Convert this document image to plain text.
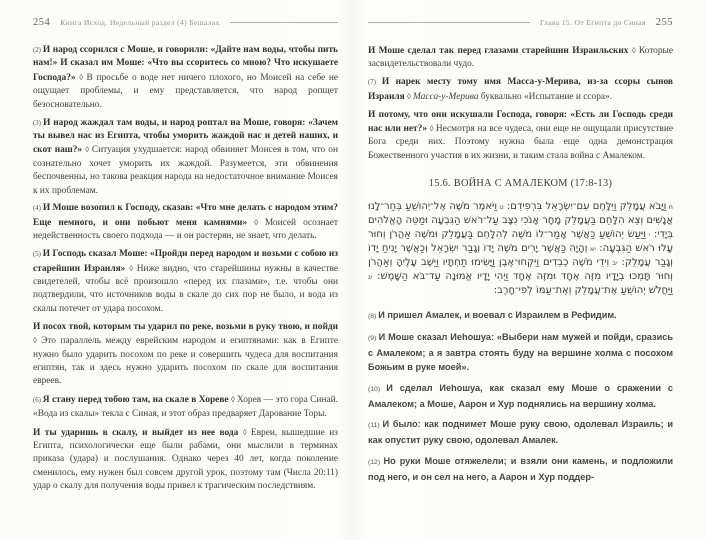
254 Книга Исход. Недельный раздел (4) Бешалах

(2) И народ ссорился с Моше, и говорили: «Дайте нам воды, чтобы пить нам!» И сказал им Моше: «Что вы ссоритесь со мною? Что искушаете Господа?» ◊ В просьбе о воде нет ничего плохого, но Моисей на себе не ощущает проблемы, и ему представляется, что народ ропщет безосновательно.

(3) И народ жаждал там воды, и народ роптал на Моше, говоря: «Зачем ты вывел нас из Египта, чтобы уморить жаждой нас и детей наших, и скот наш?» ◊ Ситуация ухудшается: народ обвиняет Моисея в том, что он сознательно хочет уморить их жаждой. Разумеется, эти обвинения беспочвенны, но такова реакция народа на недостаточное внимание Моисея к их проблемам.

(4) И Моше возопил к Господу, сказав: «Что мне делать с народом этим? Еще немного, и они побьют меня камнями» ◊ Моисей осознает недейственность своего подхода — и он растерян, не знает, что делать.

(5) И Господь сказал Моше: «Пройди перед народом и возьми с собою из старейшин Израиля» ◊ Ниже видно, что старейшины нужны в качестве свидетелей, чтобы всё произошло «перед их глазами», т.е. чтобы они подтвердили, что источников воды в скале до сих пор не было, и вода из скалы потечет от удара посохом.

И посох твой, которым ты ударил по реке, возьми в руку твою, и пойди ◊ Это параллель между еврейским народом и египтянами: как в Египте нужно было ударить посохом по реке и совершить чудеса для воспитания египтян, так и здесь нужно ударить посохом по скале для воспитания евреев.

(6) Я стану перед тобою там, на скале в Хореве ◊ Хорев — это гора Синай. «Вода из скалы» текла с Синая, и этот образ предваряет Дарование Торы.

И ты ударишь в скалу, и выйдет из нее вода ◊ Евреи, вышедшие из Египта, психологически еще были рабами, они мыслили в терминах приказа (удара) и послушания. Однако через 40 лет, когда поколение сменилось, ему нужен был совсем другой урок, поэтому там (Числа 20:11) удар о скалу для получения воды привел к трагическим последствиям.

Глава 15. От Египта до Синая 255

И Моше сделал так перед глазами старейшин Израильских ◊ Которые засвидетельствовали чудо.

(7) И нарек месту тому имя Масса-у-Мерива, из-за ссоры сынов Израиля ◊ Масса-у-Мерива буквально «Испытание и ссора».

И потому, что они искушали Господа, говоря: «Есть ли Господь среди нас или нет?» ◊ Несмотря на все чудеса, они еще не ощущали присутствие Бога среди них. Поэтому нужна была еще одна демонстрация Божественного участия в их жизни, и таким стала война с Амалеком.

15.6. ВОЙНА С АМАЛЕКОМ (17:8-13)

ח וַיָּבֹא עֲמָלֵק וַיִּלָּחֶם עִם־יִשְׂרָאֵל בִּרְפִידִם: ט וַיֹּאמֶר מֹשֶׁה אֶל־יְהוֹשֻׁעַ בְּחַר־לָנוּ אֲנָשִׁים וְצֵא הִלָּחֵם בַּעֲמָלֵק מָחָר אָנֹכִי נִצָּב עַל־רֹאשׁ הַגִּבְעָה וּמַטֵּה הָאֱלֹהִים בְּיָדִי: י וַיַּעַשׂ יְהוֹשֻׁעַ כַּאֲשֶׁר אָמַר־לוֹ מֹשֶׁה לְהִלָּחֵם בַּעֲמָלֵק וּמֹשֶׁה אַהֲרֹן וְחוּר עָלוּ רֹאשׁ הַגִּבְעָה: יא וְהָיָה כַּאֲשֶׁר יָרִים מֹשֶׁה יָדוֹ וְגָבַר יִשְׂרָאֵל וְכַאֲשֶׁר יָנִיחַ יָדוֹ וְגָבַר עֲמָלֵק: יב וִידֵי מֹשֶׁה כְבֵדִים וַיִּקְחוּ־אֶבֶן וַיָּשִׂימוּ תַחְתָּיו וַיֵּשֶׁב עָלֶיהָ וְאַהֲרֹן וְחוּר תָּמְכוּ בְיָדָיו מִזֶּה אֶחָד וּמִזֶּה אֶחָד וַיְהִי יָדָיו אֱמוּנָה עַד־בֹּא הַשָּׁמֶשׁ: יג וַיַּחֲלֹשׁ יְהוֹשֻׁעַ אֶת־עֲמָלֵק וְאֶת־עַמּוֹ לְפִי־חָרֶב:

(8) И пришел Амалек, и воевал с Израилем в Рефидим.

(9) И Моше сказал Иеhошуа: «Выбери нам мужей и пойди, сразись с Амалеком; а я завтра стоять буду на вершине холма с посохом Божьим в руке моей».

(10) И сделал Иеhошуа, как сказал ему Моше о сражении с Амалеком; а Моше, Аарон и Хур поднялись на вершину холма.

(11) И было: как поднимет Моше руку свою, одолевал Израиль; и как опустит руку свою, одолевал Амалек.

(12) Но руки Моше отяжелели; и взяли они камень, и подложили под него, и он сел на него, а Аарон и Хур поддер-
